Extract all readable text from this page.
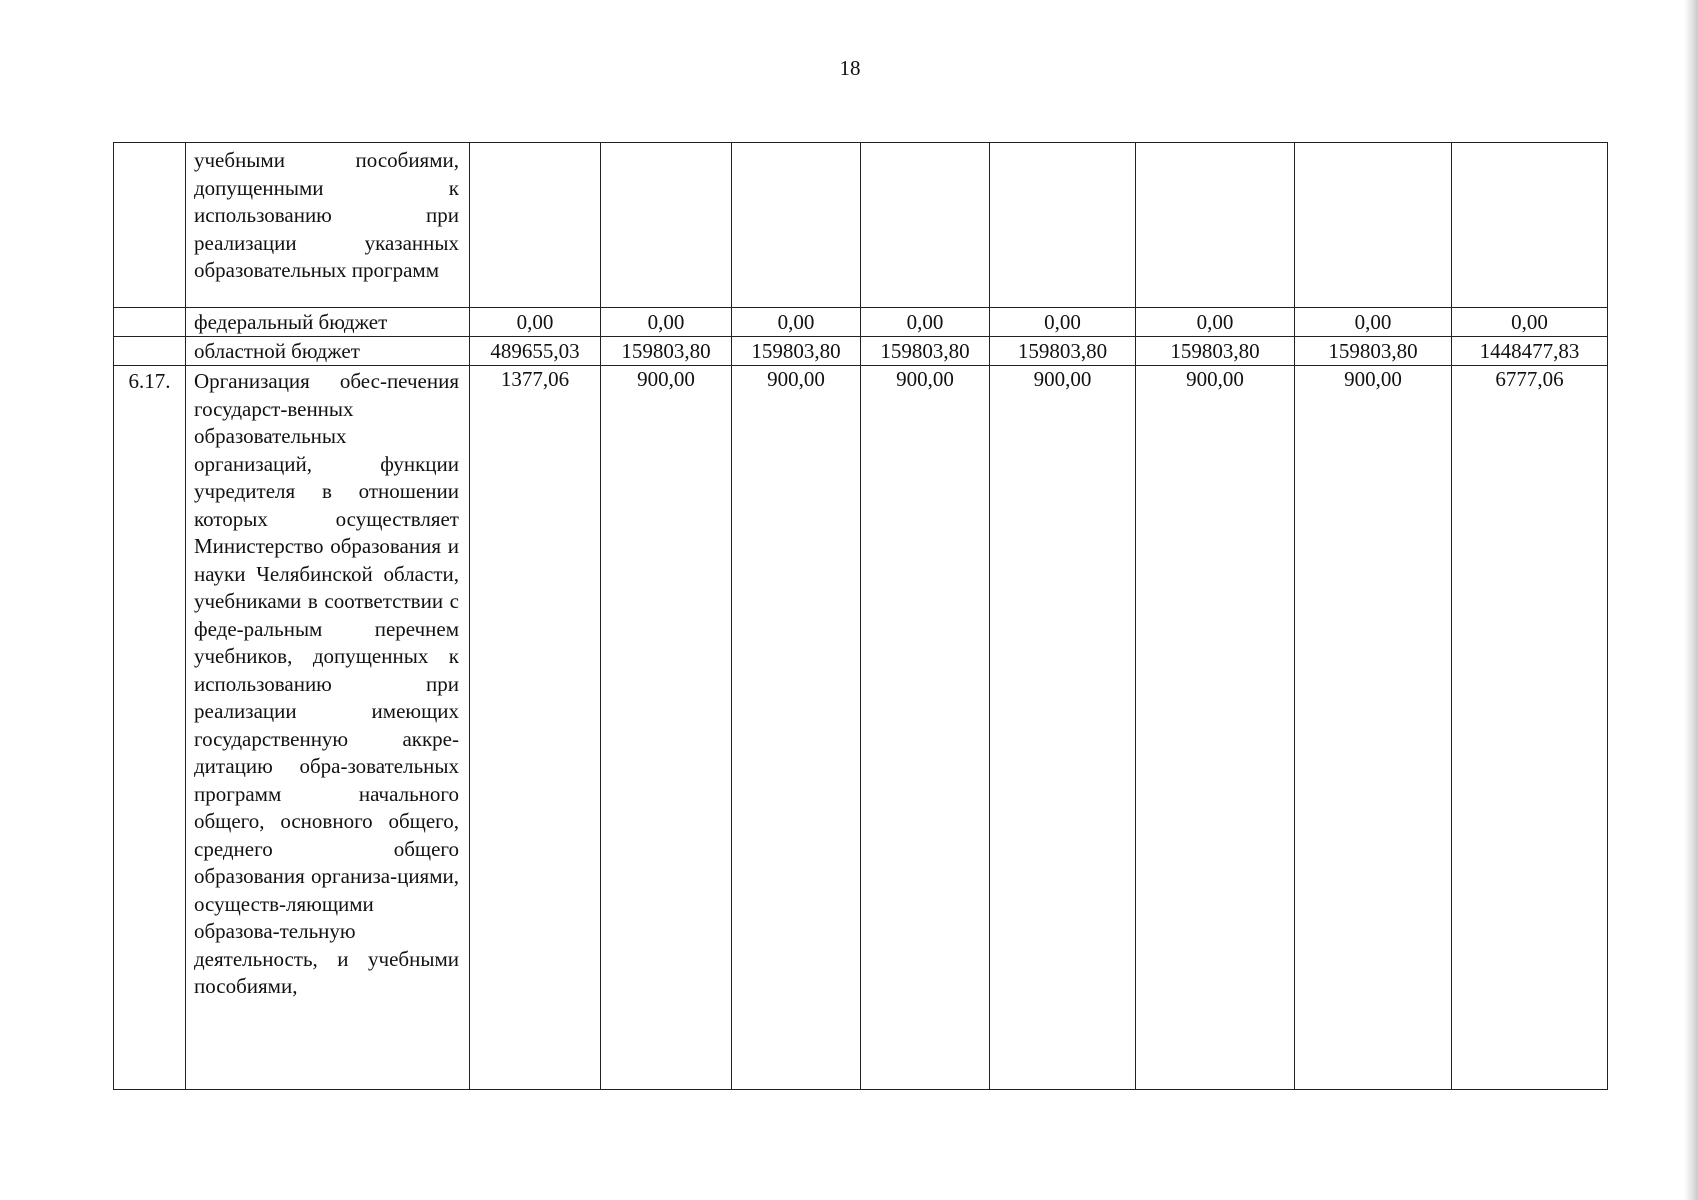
18
	учебными пособиями, допущенными к использованию при реализации указанных образовательных программ								
	федеральный бюджет	0,00	0,00	0,00	0,00	0,00	0,00	0,00	0,00
	областной бюджет	489655,03	159803,80	159803,80	159803,80	159803,80	159803,80	159803,80	1448477,83
6.17.	Организация обес-печения государст-венных образовательных организаций, функции учредителя в отношении которых осуществляет Министерство образования и науки Челябинской области, учебниками в соответствии с феде-ральным перечнем учебников, допущенных к использованию при реализации имеющих государственную аккре-дитацию обра-зовательных программ начального общего, основного общего, среднего общего образования организа-циями, осуществ-ляющими образова-тельную деятельность, и учебными пособиями,	1377,06	900,00	900,00	900,00	900,00	900,00	900,00	6777,06
